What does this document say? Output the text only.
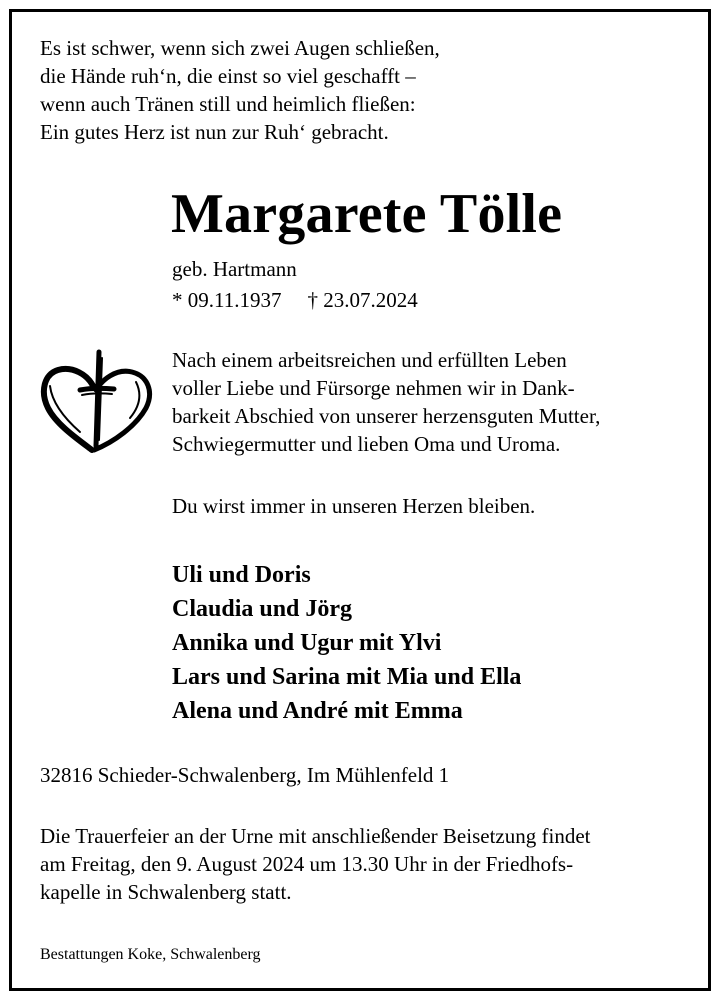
Es ist schwer, wenn sich zwei Augen schließen,
die Hände ruh‘n, die einst so viel geschafft –
wenn auch Tränen still und heimlich fließen:
Ein gutes Herz ist nun zur Ruh‘ gebracht.
Margarete Tölle
geb. Hartmann
* 09.11.1937 † 23.07.2024
Nach einem arbeitsreichen und erfüllten Leben
voller Liebe und Fürsorge nehmen wir in Dank-
barkeit Abschied von unserer herzensguten Mutter,
Schwiegermutter und lieben Oma und Uroma.
Du wirst immer in unseren Herzen bleiben.
Uli und Doris
Claudia und Jörg
Annika und Ugur mit Ylvi
Lars und Sarina mit Mia und Ella
Alena und André mit Emma
32816 Schieder-Schwalenberg, Im Mühlenfeld 1
Die Trauerfeier an der Urne mit anschließender Beisetzung findet
am Freitag, den 9. August 2024 um 13.30 Uhr in der Friedhofs-
kapelle in Schwalenberg statt.
Bestattungen Koke, Schwalenberg
